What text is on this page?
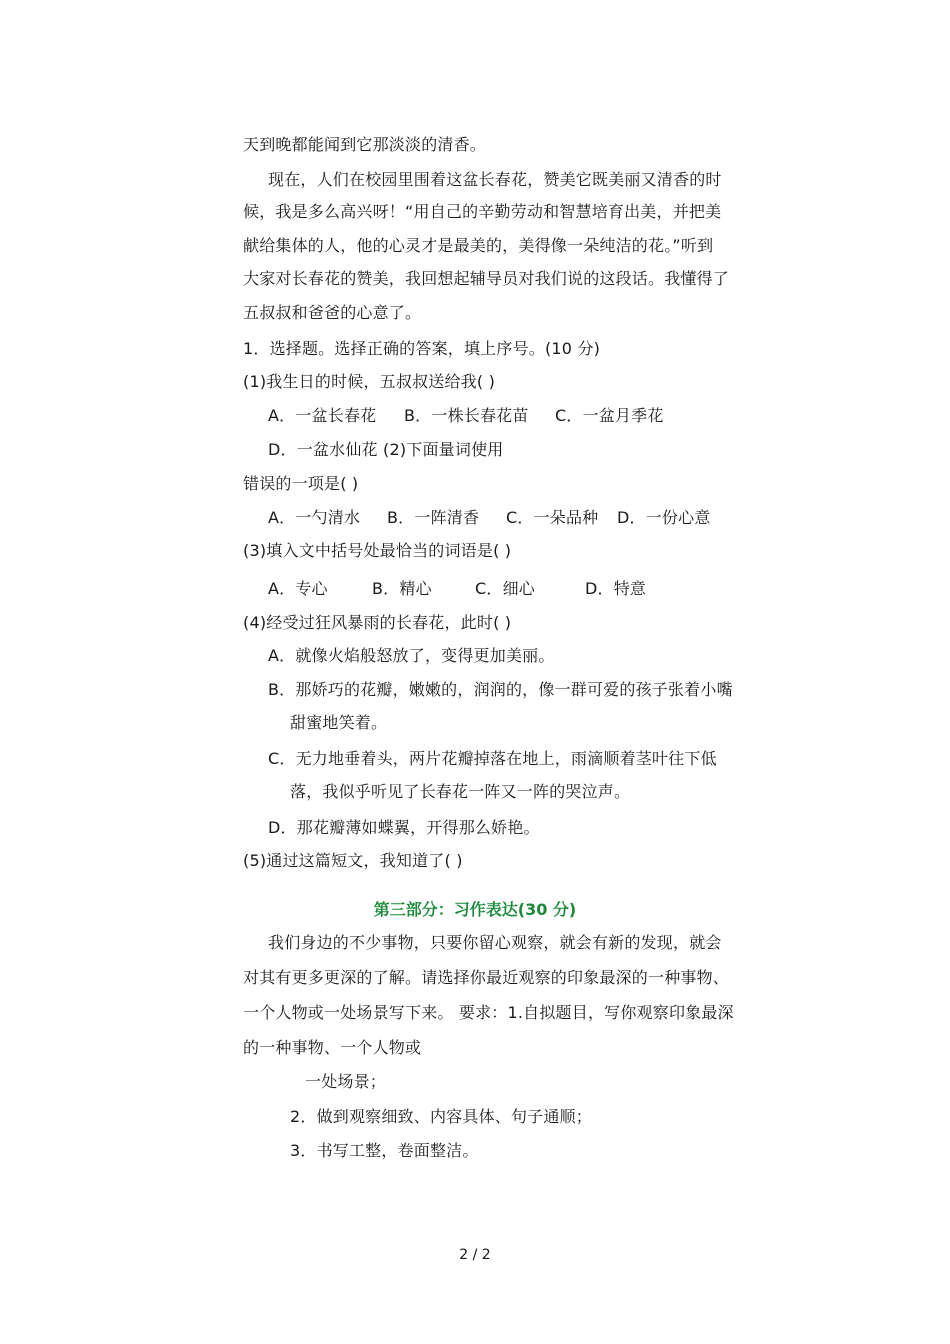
天到晚都能闻到它那淡淡的清香。
现在，人们在校园里围着这盆长春花，赞美它既美丽又清香的时
候，我是多么高兴呀！“用自己的辛勤劳动和智慧培育出美，并把美
献给集体的人，他的心灵才是最美的，美得像一朵纯洁的花。”听到
大家对长春花的赞美，我回想起辅导员对我们说的这段话。我懂得了
五叔叔和爸爸的心意了。
1．选择题。选择正确的答案，填上序号。(10 分)
(1)我生日的时候，五叔叔送给我( )
A．一盆长春花 B．一株长春花苗 C．一盆月季花
D．一盆水仙花 (2)下面量词使用
错误的一项是( )
A．一勺清水 B．一阵清香 C．一朵品种 D．一份心意
(3)填入文中括号处最恰当的词语是( )
A．专心	B．精心	C．细心	D．特意
(4)经受过狂风暴雨的长春花，此时( )
A．就像火焰般怒放了，变得更加美丽。
B．那娇巧的花瓣，嫩嫩的，润润的，像一群可爱的孩子张着小嘴
甜蜜地笑着。
C．无力地垂着头，两片花瓣掉落在地上，雨滴顺着茎叶往下低
落，我似乎听见了长春花一阵又一阵的哭泣声。
D．那花瓣薄如蝶翼，开得那么娇艳。
(5)通过这篇短文，我知道了( )
第三部分：习作表达(30 分)
我们身边的不少事物，只要你留心观察，就会有新的发现，就会
对其有更多更深的了解。请选择你最近观察的印象最深的一种事物、
一个人物或一处场景写下来。 要求：1.自拟题目，写你观察印象最深
的一种事物、一个人物或
一处场景；
2．做到观察细致、内容具体、句子通顺；
3．书写工整，卷面整洁。
2 / 2
